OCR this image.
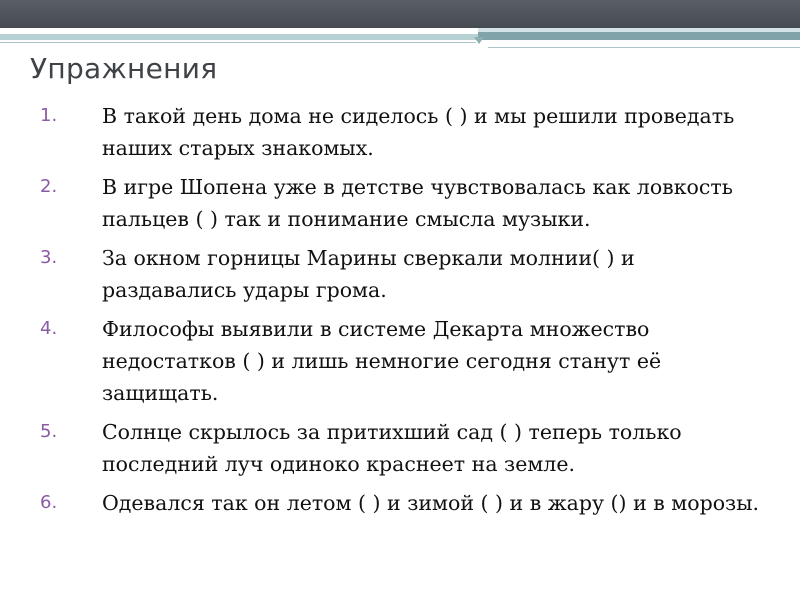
Упражнения
1. В такой день дома не сиделось ( ) и мы решили проведать наших старых знакомых.
2. В игре Шопена уже в детстве чувствовалась как ловкость пальцев ( ) так и понимание смысла музыки.
3. За окном горницы Марины сверкали молнии( ) и раздавались удары грома.
4. Философы выявили в системе Декарта множество недостатков ( ) и лишь немногие сегодня станут её защищать.
5. Солнце скрылось за притихший сад ( ) теперь только последний луч одиноко краснеет на земле.
6. Одевался так он летом ( ) и зимой ( ) и в жару () и в морозы.
